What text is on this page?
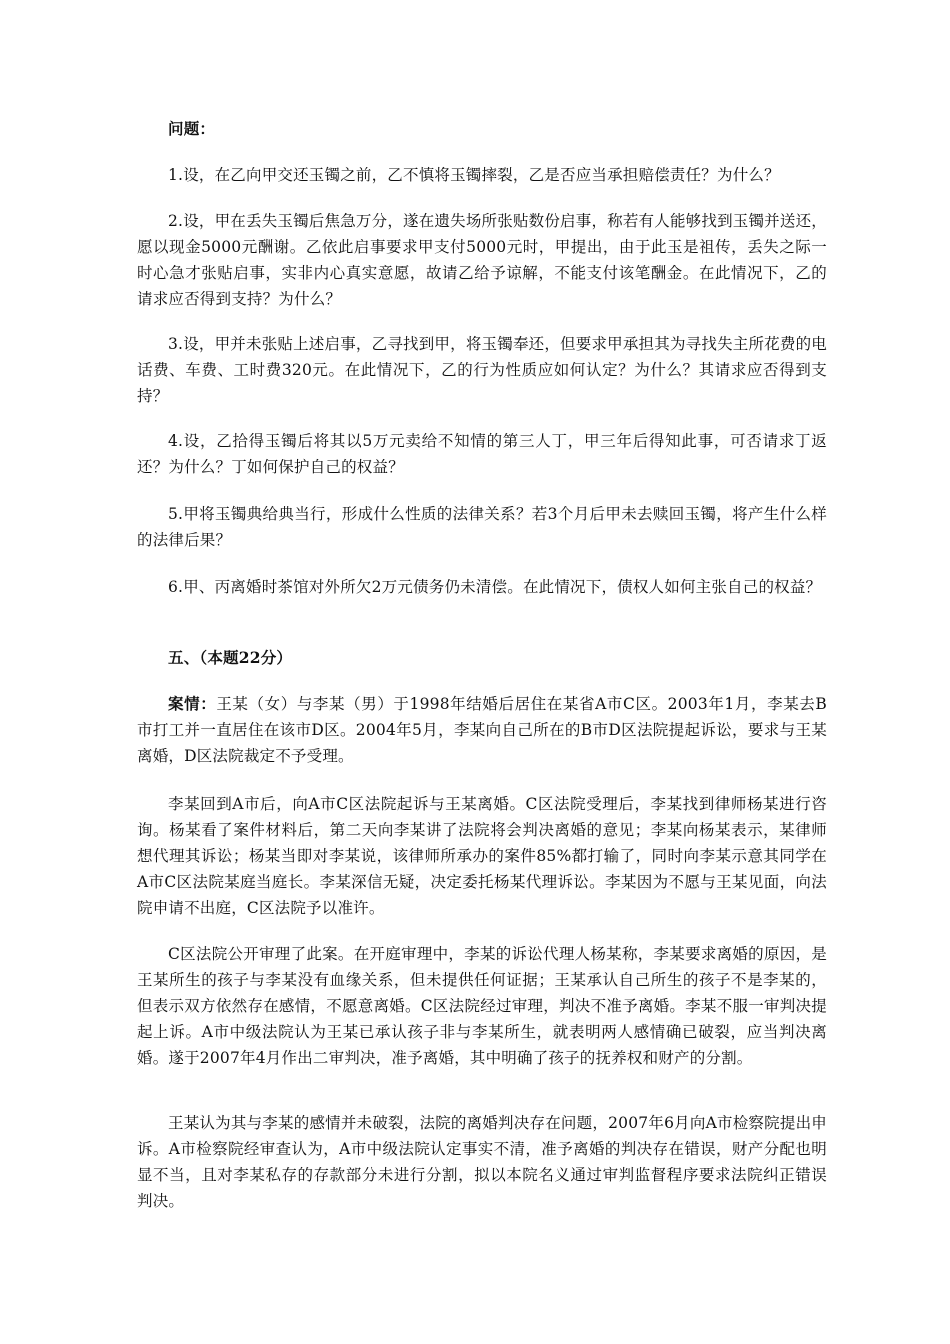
问题：

1.设，在乙向甲交还玉镯之前，乙不慎将玉镯摔裂，乙是否应当承担赔偿责任？为什么？

2.设，甲在丢失玉镯后焦急万分，遂在遗失场所张贴数份启事，称若有人能够找到玉镯并送还，愿以现金5000元酬谢。乙依此启事要求甲支付5000元时，甲提出，由于此玉是祖传，丢失之际一时心急才张贴启事，实非内心真实意愿，故请乙给予谅解，不能支付该笔酬金。在此情况下，乙的请求应否得到支持？为什么？

3.设，甲并未张贴上述启事，乙寻找到甲，将玉镯奉还，但要求甲承担其为寻找失主所花费的电话费、车费、工时费320元。在此情况下，乙的行为性质应如何认定？为什么？其请求应否得到支持？

4.设，乙拾得玉镯后将其以5万元卖给不知情的第三人丁，甲三年后得知此事，可否请求丁返还？为什么？丁如何保护自己的权益？

5.甲将玉镯典给典当行，形成什么性质的法律关系？若3个月后甲未去赎回玉镯，将产生什么样的法律后果？

6.甲、丙离婚时茶馆对外所欠2万元债务仍未清偿。在此情况下，债权人如何主张自己的权益？

五、（本题22分）

案情：王某（女）与李某（男）于1998年结婚后居住在某省A市C区。2003年1月，李某去B市打工并一直居住在该市D区。2004年5月，李某向自己所在的B市D区法院提起诉讼，要求与王某离婚，D区法院裁定不予受理。

李某回到A市后，向A市C区法院起诉与王某离婚。C区法院受理后，李某找到律师杨某进行咨询。杨某看了案件材料后，第二天向李某讲了法院将会判决离婚的意见；李某向杨某表示，某律师想代理其诉讼；杨某当即对李某说，该律师所承办的案件85%都打输了，同时向李某示意其同学在A市C区法院某庭当庭长。李某深信无疑，决定委托杨某代理诉讼。李某因为不愿与王某见面，向法院申请不出庭，C区法院予以准许。

C区法院公开审理了此案。在开庭审理中，李某的诉讼代理人杨某称，李某要求离婚的原因，是王某所生的孩子与李某没有血缘关系，但未提供任何证据；王某承认自己所生的孩子不是李某的，但表示双方依然存在感情，不愿意离婚。C区法院经过审理，判决不准予离婚。李某不服一审判决提起上诉。A市中级法院认为王某已承认孩子非与李某所生，就表明两人感情确已破裂，应当判决离婚。遂于2007年4月作出二审判决，准予离婚，其中明确了孩子的抚养权和财产的分割。

王某认为其与李某的感情并未破裂，法院的离婚判决存在问题，2007年6月向A市检察院提出申诉。A市检察院经审查认为，A市中级法院认定事实不清，准予离婚的判决存在错误，财产分配也明显不当，且对李某私存的存款部分未进行分割，拟以本院名义通过审判监督程序要求法院纠正错误判决。
